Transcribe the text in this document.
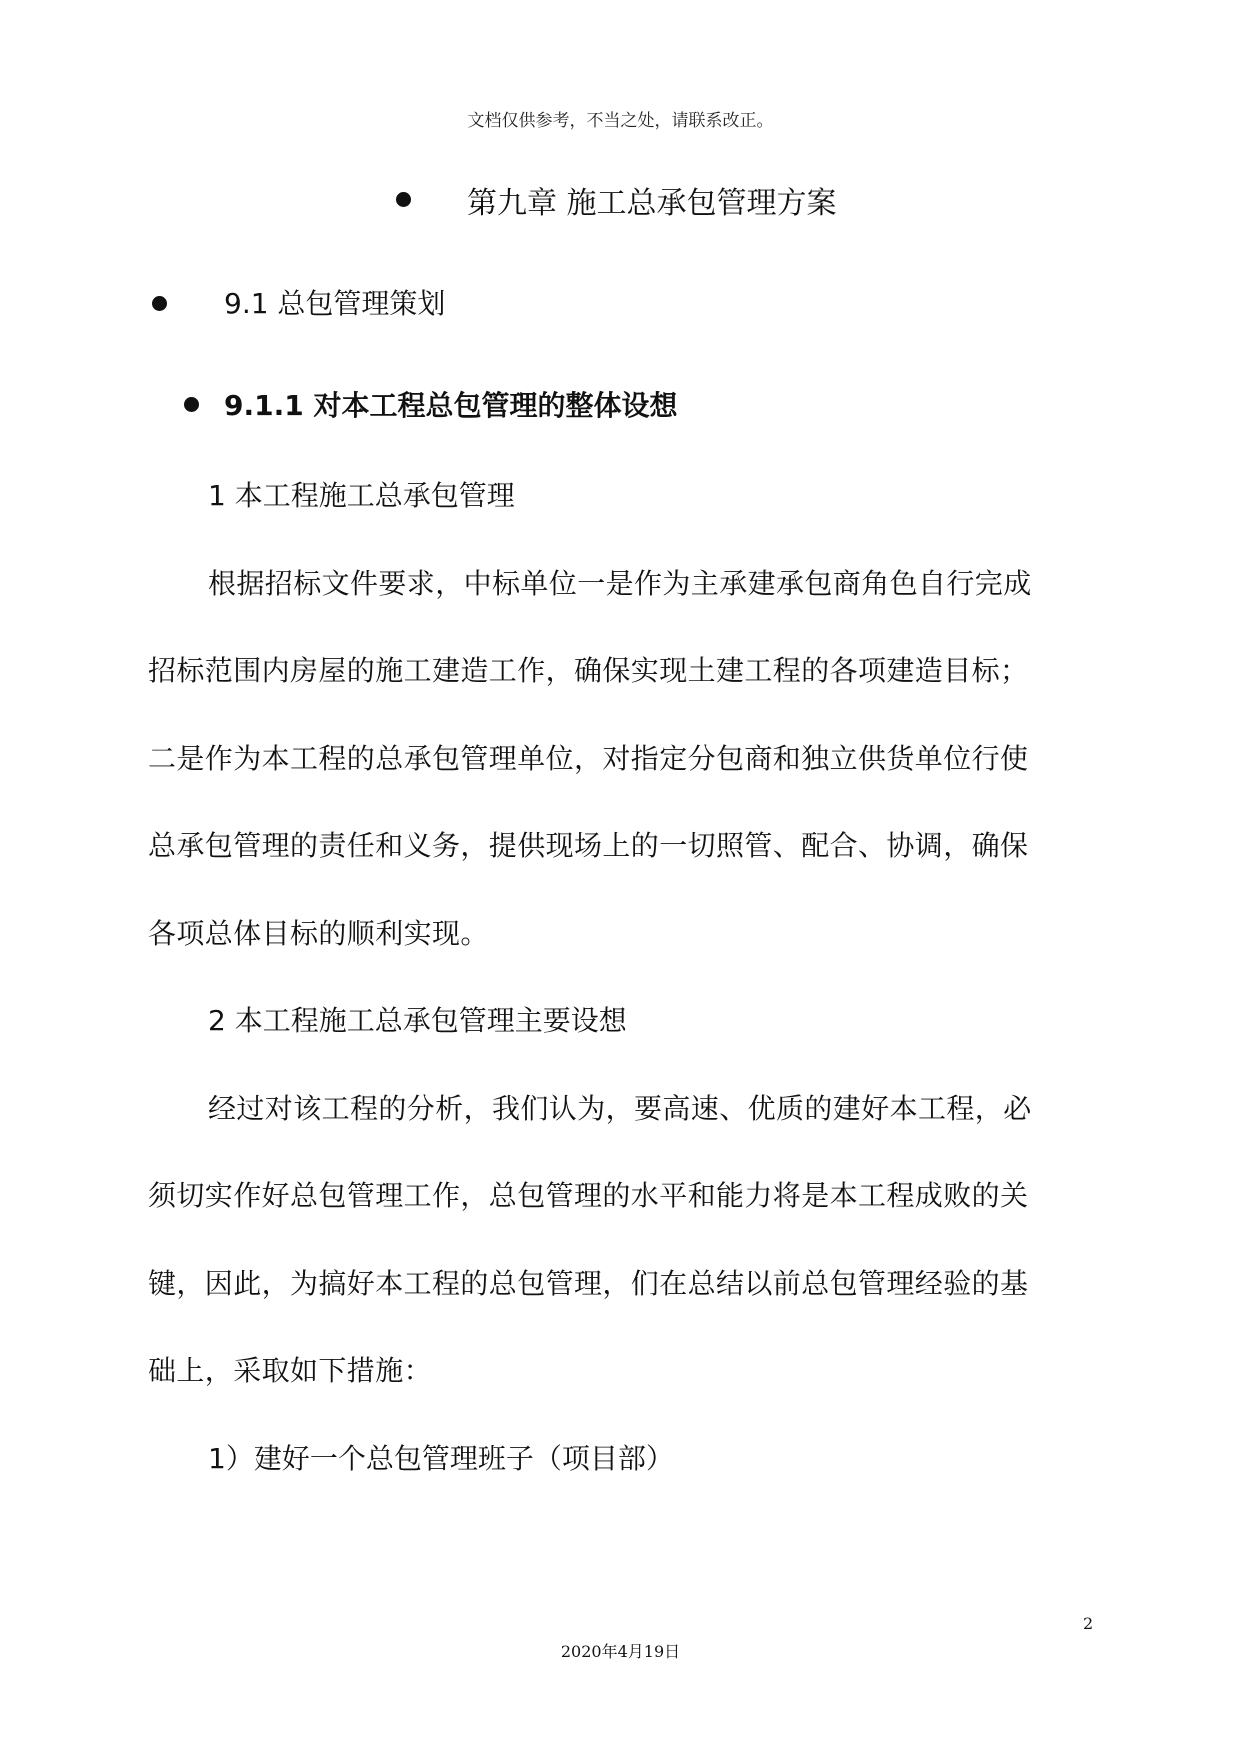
文档仅供参考，不当之处，请联系改正。
第九章 施工总承包管理方案
9.1 总包管理策划
9.1.1 对本工程总包管理的整体设想
1 本工程施工总承包管理
根据招标文件要求，中标单位一是作为主承建承包商角色自行完成
招标范围内房屋的施工建造工作，确保实现土建工程的各项建造目标；
二是作为本工程的总承包管理单位，对指定分包商和独立供货单位行使
总承包管理的责任和义务，提供现场上的一切照管、配合、协调，确保
各项总体目标的顺利实现。
2 本工程施工总承包管理主要设想
经过对该工程的分析，我们认为，要高速、优质的建好本工程，必
须切实作好总包管理工作，总包管理的水平和能力将是本工程成败的关
键，因此，为搞好本工程的总包管理，们在总结以前总包管理经验的基
础上，采取如下措施：
1）建好一个总包管理班子（项目部）
2
2020年4月19日
